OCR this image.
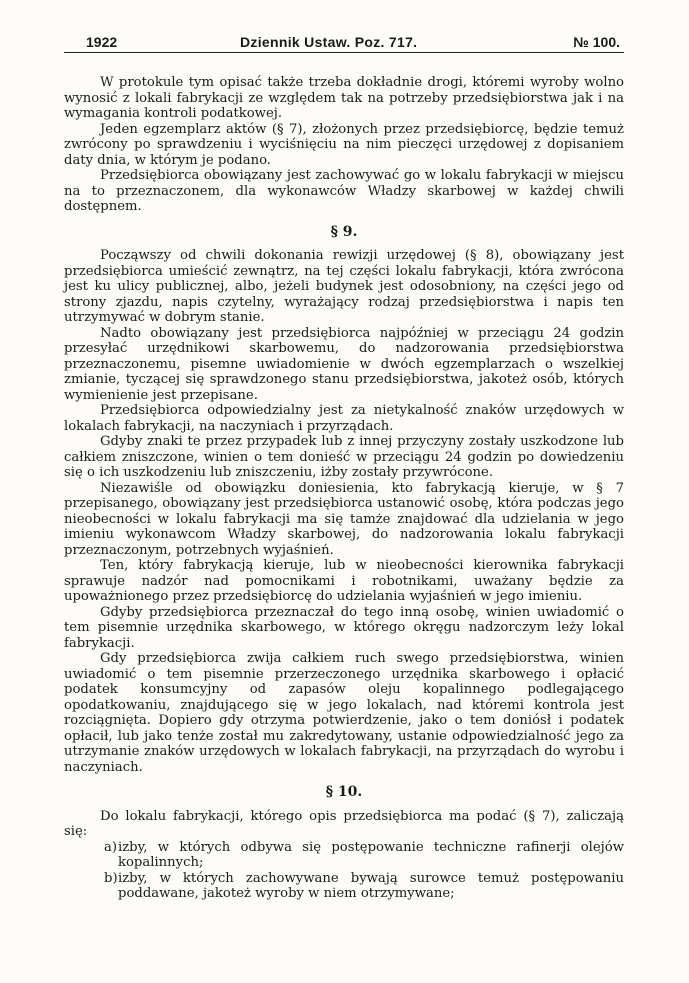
1922	Dziennik Ustaw. Poz. 717.	№ 100.

W protokule tym opisać także trzeba dokładnie drogi, któremi wyroby wolno wynosić z lokali fabrykacji ze względem tak na potrzeby przedsiębiorstwa jak i na wymagania kontroli podatkowej.

Jeden egzemplarz aktów (§ 7), złożonych przez przedsiębiorcę, będzie temuż zwrócony po sprawdzeniu i wyciśnięciu na nim pieczęci urzędowej z dopisaniem daty dnia, w którym je podano.

Przedsiębiorca obowiązany jest zachowywać go w lokalu fabrykacji w miejscu na to przeznaczonem, dla wykonawców Władzy skarbowej w każdej chwili dostępnem.

§ 9.

Począwszy od chwili dokonania rewizji urzędowej (§ 8), obowiązany jest przedsiębiorca umieścić zewnątrz, na tej części lokalu fabrykacji, która zwrócona jest ku ulicy publicznej, albo, jeżeli budynek jest odosobniony, na części jego od strony zjazdu, napis czytelny, wyrażający rodzaj przedsiębiorstwa i napis ten utrzymywać w dobrym stanie.

Nadto obowiązany jest przedsiębiorca najpóźniej w przeciągu 24 godzin przesyłać urzędnikowi skarbowemu, do nadzorowania przedsiębiorstwa przeznaczonemu, pisemne uwiadomienie w dwóch egzemplarzach o wszelkiej zmianie, tyczącej się sprawdzonego stanu przedsiębiorstwa, jakoteż osób, których wymienienie jest przepisane.

Przedsiębiorca odpowiedzialny jest za nietykalność znaków urzędowych w lokalach fabrykacji, na naczyniach i przyrządach.

Gdyby znaki te przez przypadek lub z innej przyczyny zostały uszkodzone lub całkiem zniszczone, winien o tem donieść w przeciągu 24 godzin po dowiedzeniu się o ich uszkodzeniu lub zniszczeniu, iżby zostały przywrócone.

Niezawiśle od obowiązku doniesienia, kto fabrykacją kieruje, w § 7 przepisanego, obowiązany jest przedsiębiorca ustanowić osobę, która podczas jego nieobecności w lokalu fabrykacji ma się tamże znajdować dla udzielania w jego imieniu wykonawcom Władzy skarbowej, do nadzorowania lokalu fabrykacji przeznaczonym, potrzebnych wyjaśnień.

Ten, który fabrykacją kieruje, lub w nieobecności kierownika fabrykacji sprawuje nadzór nad pomocnikami i robotnikami, uważany będzie za upoważnionego przez przedsiębiorcę do udzielania wyjaśnień w jego imieniu.

Gdyby przedsiębiorca przeznaczał do tego inną osobę, winien uwiadomić o tem pisemnie urzędnika skarbowego, w którego okręgu nadzorczym leży lokal fabrykacji.

Gdy przedsiębiorca zwija całkiem ruch swego przedsiębiorstwa, winien uwiadomić o tem pisemnie przerzeczonego urzędnika skarbowego i opłacić podatek konsumcyjny od zapasów oleju kopalinnego podlegającego opodatkowaniu, znajdującego się w jego lokalach, nad któremi kontrola jest rozciągnięta. Dopiero gdy otrzyma potwierdzenie, jako o tem doniósł i podatek opłacił, lub jako tenże został mu zakredytowany, ustanie odpowiedzialność jego za utrzymanie znaków urzędowych w lokalach fabrykacji, na przyrządach do wyrobu i naczyniach.

§ 10.

Do lokalu fabrykacji, którego opis przedsiębiorca ma podać (§ 7), zaliczają się:

a) izby, w których odbywa się postępowanie techniczne rafinerji olejów kopalinnych;
b) izby, w których zachowywane bywają surowce temuż postępowaniu poddawane, jakoteż wyroby w niem otrzymywane;
